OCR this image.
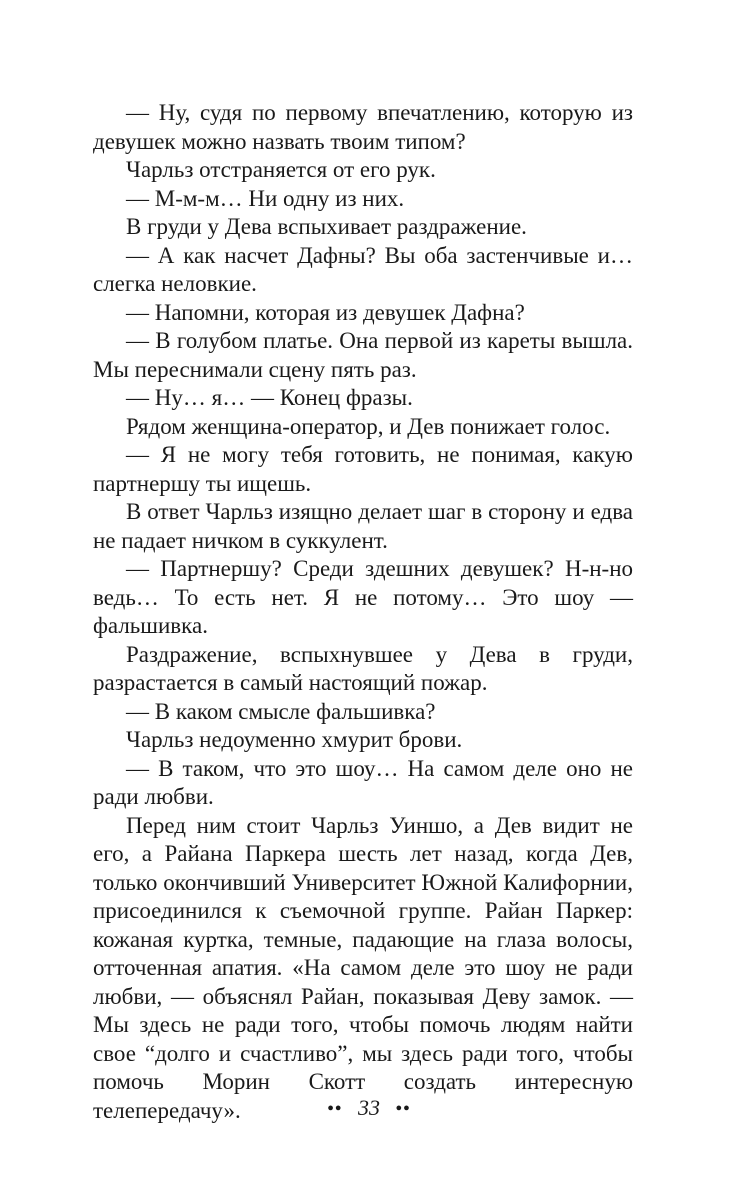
— Ну, судя по первому впечатлению, которую из девушек можно назвать твоим типом?

Чарльз отстраняется от его рук.

— М-м-м… Ни одну из них.

В груди у Дева вспыхивает раздражение.

— А как насчет Дафны? Вы оба застенчивые и… слегка неловкие.

— Напомни, которая из девушек Дафна?

— В голубом платье. Она первой из кареты вышла. Мы переснимали сцену пять раз.

— Ну… я… — Конец фразы.

Рядом женщина-оператор, и Дев понижает голос.

— Я не могу тебя готовить, не понимая, какую партнершу ты ищешь.

В ответ Чарльз изящно делает шаг в сторону и едва не падает ничком в суккулент.

— Партнершу? Среди здешних девушек? Н-н-но ведь… То есть нет. Я не потому… Это шоу — фальшивка.

Раздражение, вспыхнувшее у Дева в груди, разрастается в самый настоящий пожар.

— В каком смысле фальшивка?

Чарльз недоуменно хмурит брови.

— В таком, что это шоу… На самом деле оно не ради любви.

Перед ним стоит Чарльз Уиншо, а Дев видит не его, а Райана Паркера шесть лет назад, когда Дев, только окончивший Университет Южной Калифорнии, присоединился к съемочной группе. Райан Паркер: кожаная куртка, темные, падающие на глаза волосы, отточенная апатия. «На самом деле это шоу не ради любви, — объяснял Райан, показывая Деву замок. — Мы здесь не ради того, чтобы помочь людям найти свое “долго и счастливо”, мы здесь ради того, чтобы помочь Морин Скотт создать интересную телепередачу».	●● 33 ●●
